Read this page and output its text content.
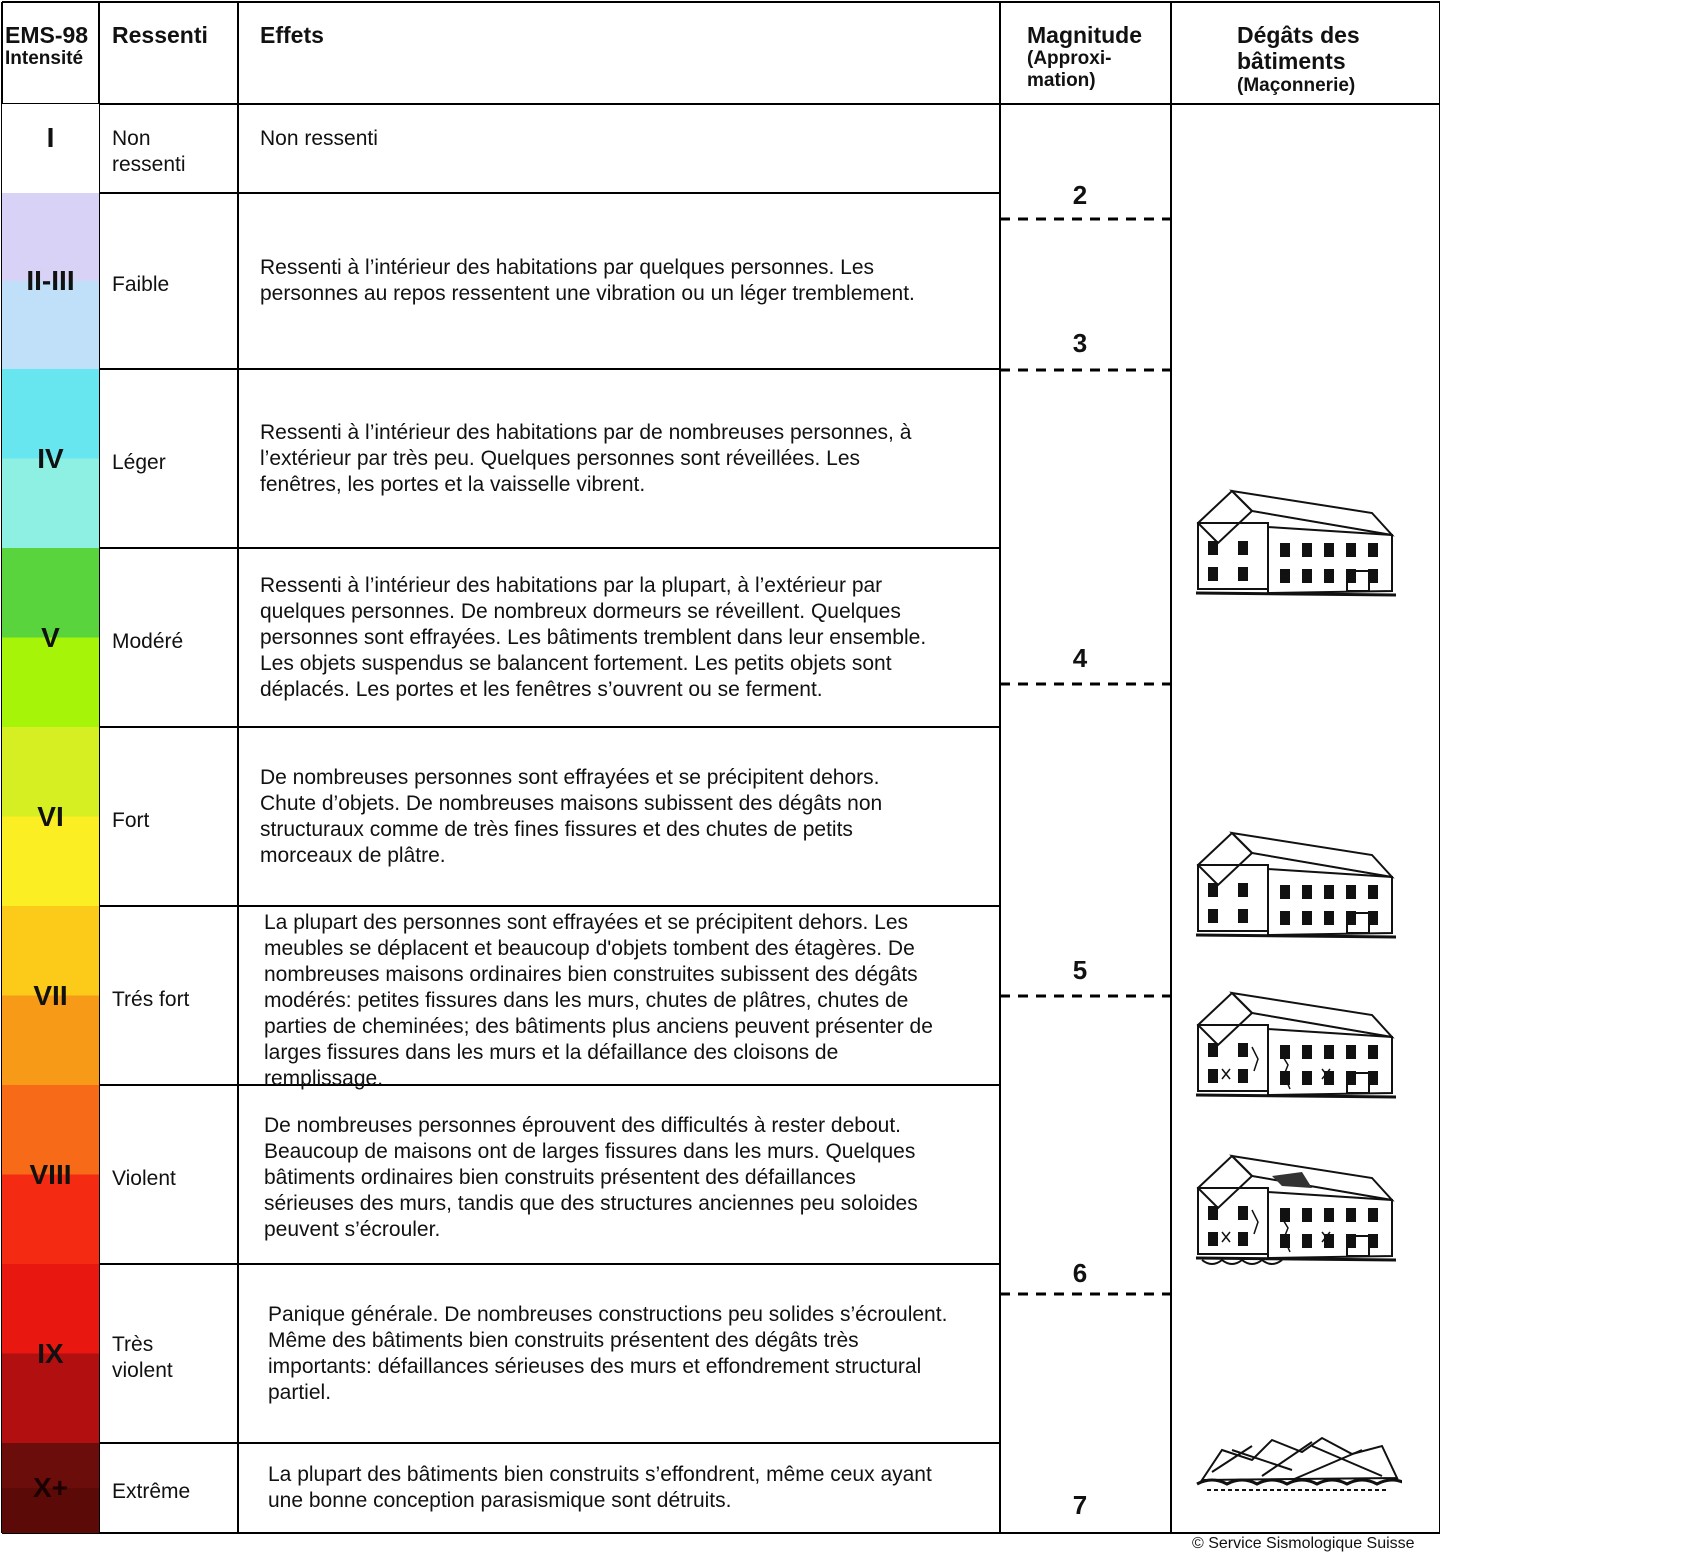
EMS-98
Intensité
Ressenti Effets	Magnitude
(Approxi-
mation)
Dégâts des
bâtiments
(Maçonnerie)
I	Non
ressenti
Non ressenti
II-III Faible
Ressenti à l’intérieur des habitations par quelques personnes. Les
personnes au repos ressentent une vibration ou un léger tremblement.
IV Léger
Ressenti à l’intérieur des habitations par de nombreuses personnes, à
l’extérieur par très peu. Quelques personnes sont réveillées. Les
fenêtres, les portes et la vaisselle vibrent.
V Modéré
Ressenti à l’intérieur des habitations par la plupart, à l’extérieur par
quelques personnes. De nombreux dormeurs se réveillent. Quelques
personnes sont effrayées. Les bâtiments tremblent dans leur ensemble.
Les objets suspendus se balancent fortement. Les petits objets sont
déplacés. Les portes et les fenêtres s’ouvrent ou se ferment.
VI Fort
De nombreuses personnes sont effrayées et se précipitent dehors.
Chute d’objets. De nombreuses maisons subissent des dégâts non
structuraux comme de très fines fissures et des chutes de petits
morceaux de plâtre.
VII Trés fort
La plupart des personnes sont effrayées et se précipitent dehors. Les
meubles se déplacent et beaucoup d'objets tombent des étagères. De
nombreuses maisons ordinaires bien construites subissent des dégâts
modérés: petites fissures dans les murs, chutes de plâtres, chutes de
parties de cheminées; des bâtiments plus anciens peuvent présenter de
larges fissures dans les murs et la défaillance des cloisons de
remplissage.
VIII Violent
De nombreuses personnes éprouvent des difficultés à rester debout.
Beaucoup de maisons ont de larges fissures dans les murs. Quelques
bâtiments ordinaires bien construits présentent des défaillances
sérieuses des murs, tandis que des structures anciennes peu soloides
peuvent s’écrouler.
IX Très
violent
Panique générale. De nombreuses constructions peu solides s’écroulent.
Même des bâtiments bien construits présentent des dégâts très
importants: défaillances sérieuses des murs et effondrement structural
partiel.
X+ Extrême
La plupart des bâtiments bien construits s’effondrent, même ceux ayant
une bonne conception parasismique sont détruits.
2
3
4
5
6
7
© Service Sismologique Suisse
